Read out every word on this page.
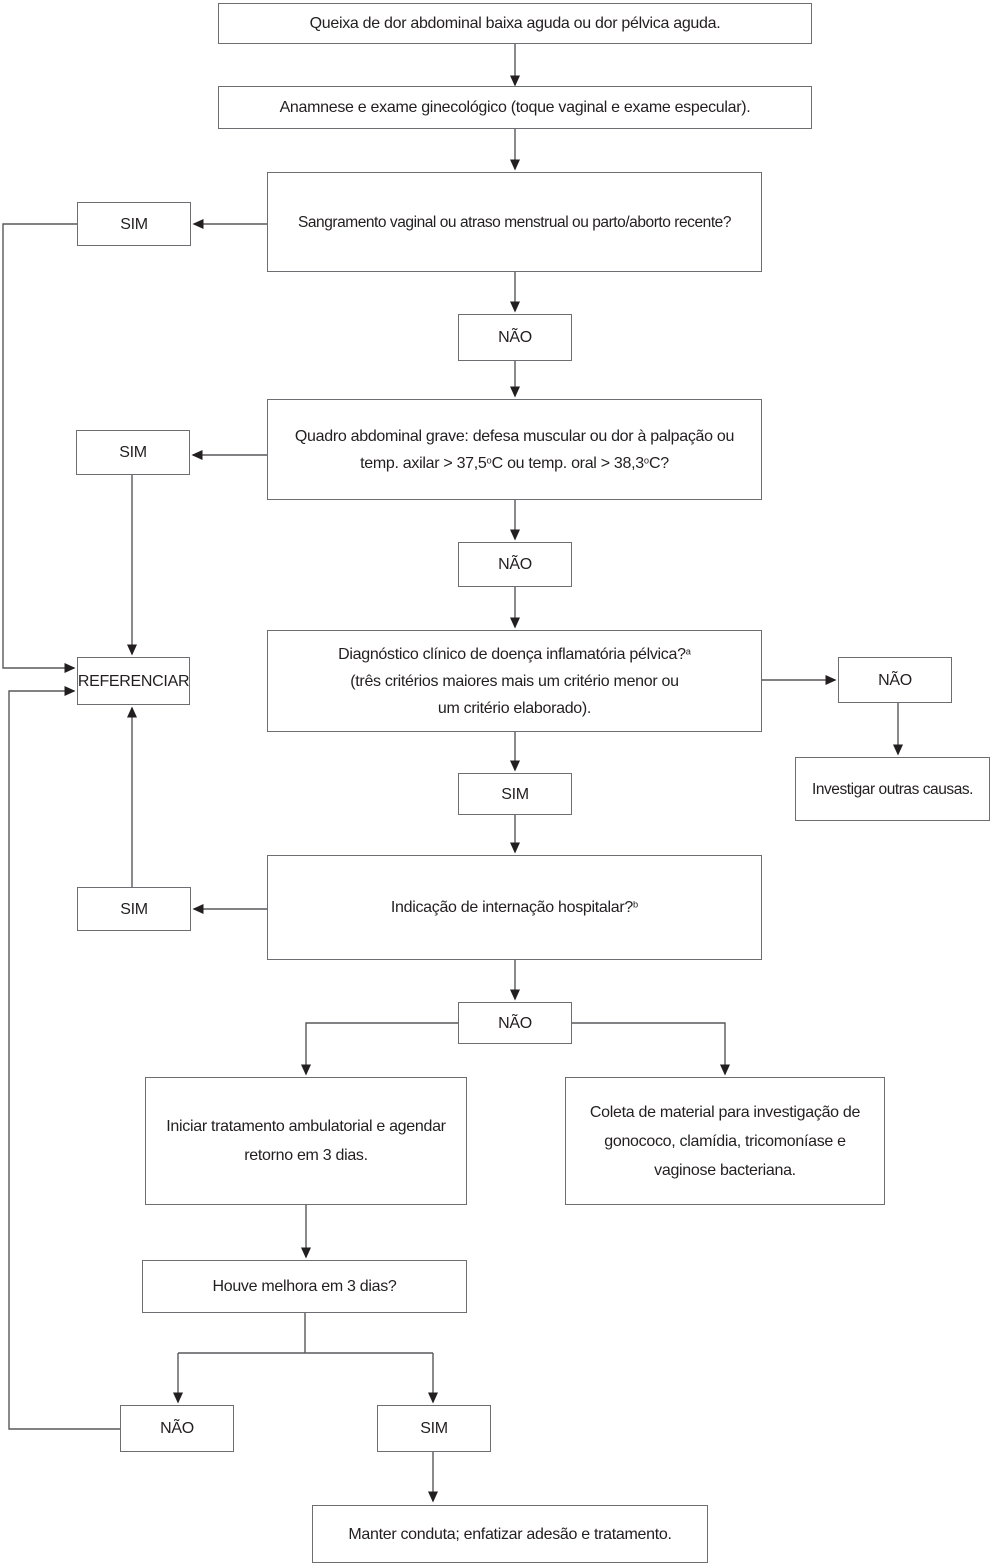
Queixa de dor abdominal baixa aguda ou dor pélvica aguda.
Anamnese e exame ginecológico (toque vaginal e exame especular).
Sangramento vaginal ou atraso menstrual ou parto/aborto recente?
SIM
NÃO
Quadro abdominal grave: defesa muscular ou dor à palpação ou
temp. axilar > $37,5^oC$ ou temp. oral > $38,3^oC$?
SIM
NÃO
Diagnóstico clínico de doença inflamatória pélvica?$^a$
(três critérios maiores mais um critério menor ou
um critério elaborado).
REFERENCIAR	NÃO
Investigar outras causas.
SIM
Indicação de internação hospitalar?$^b$
SIM
NÃO
Iniciar tratamento ambulatorial e agendar
retorno em 3 dias.
Coleta de material para investigação de
gonococo, clamídia, tricomoníase e
vaginose bacteriana.
Houve melhora em 3 dias?
NÃO	SIM
Manter conduta; enfatizar adesão e tratamento.
